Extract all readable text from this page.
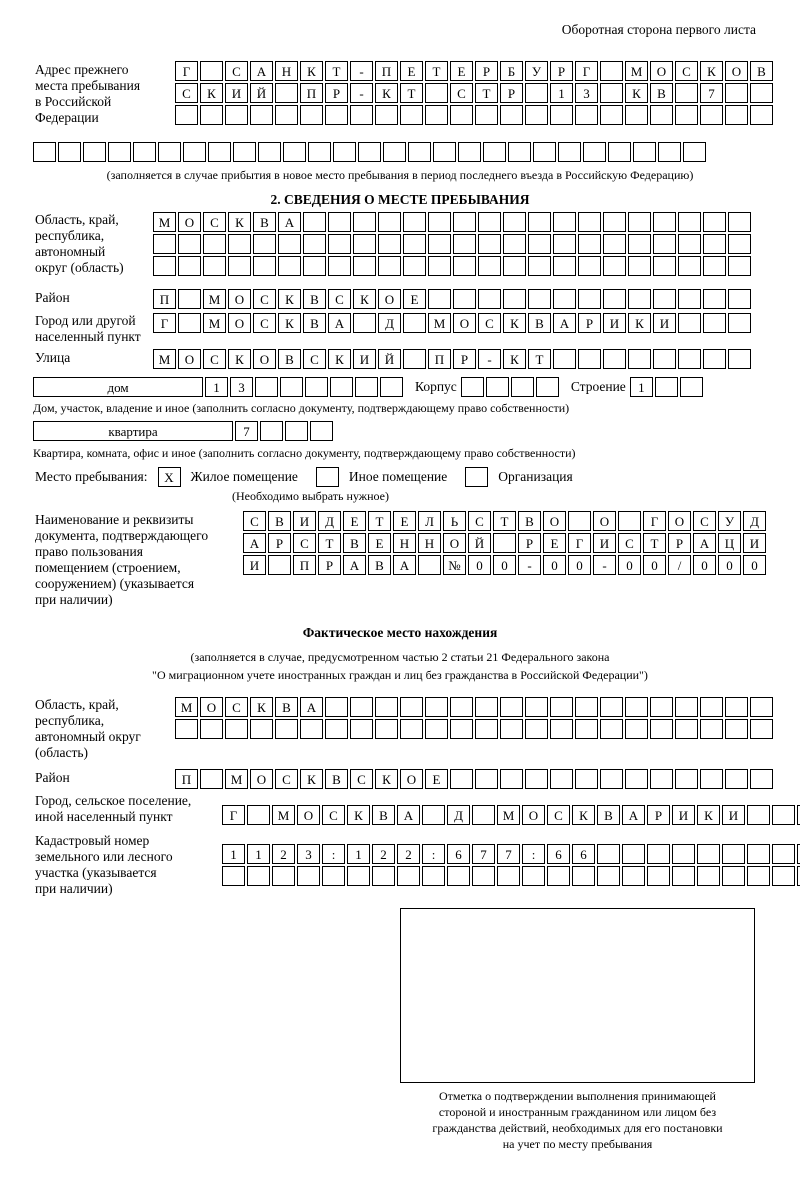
Оборотная сторона первого листа
Адрес прежнего
места пребывания
в Российской
Федерации
Г	С	А	Н	К	Т	-	П	Е	Т	Е	Р	Б	У	Р	Г	М	О	С	К	О	В
С	К	И	Й	П	Р	-	К	Т	С	Т	Р	1	3	К	В	7
(заполняется в случае прибытия в новое место пребывания в период последнего въезда в Российскую Федерацию)
2. СВЕДЕНИЯ О МЕСТЕ ПРЕБЫВАНИЯ
Область, край,
республика,
автономный
округ (область)
М	О	С	К	В	А
Район	П	М	О	С	К	В	С	К	О	Е
Город или другой
населенный пункт
Г	М	О	С	К	В	А	Д	М	О	С	К	В	А	Р	И	К	И
Улица	М	О	С	К	О	В	С	К	И	Й	П	Р	-	К	Т
дом	1	3	Корпус	Строение 1
Дом, участок, владение и иное (заполнить согласно документу, подтверждающему право собственности)
квартира	7
Квартира, комната, офис и иное (заполнить согласно документу, подтверждающему право собственности)
Место пребывания:	Х	Жилое помещение	Иное помещение	Организация
(Необходимо выбрать нужное)
Наименование и реквизиты
документа, подтверждающего
право пользования
помещением (строением,
сооружением) (указывается
при наличии)
С	В	И	Д	Е	Т	Е	Л	Ь	С	Т	В	О	О	Г	О	С	У	Д
А	Р	С	Т	В	Е	Н	Н	О	Й	Р	Е	Г	И	С	Т	Р	А	Ц	И
И	П	Р	А	В	А	№	0	0	-	0	0	-	0	0	/	0	0	0
Фактическое место нахождения
(заполняется в случае, предусмотренном частью 2 статьи 21 Федерального закона
"О миграционном учете иностранных граждан и лиц без гражданства в Российской Федерации")
Область, край,
республика,
автономный округ
(область)
М	О	С	К	В	А
Район	П	М	О	С	К	В	С	К	О	Е
Город, сельское поселение,
иной населенный пункт	Г	М	О	С	К	В	А	Д	М	О	С	К	В	А	Р	И	К	И
Кадастровый номер
земельного или лесного
участка (указывается
при наличии)
1	1	2	3	:	1	2	2	:	6	7	7	:	6	6
Отметка о подтверждении выполнения принимающей
стороной и иностранным гражданином или лицом без
гражданства действий, необходимых для его постановки
на учет по месту пребывания
